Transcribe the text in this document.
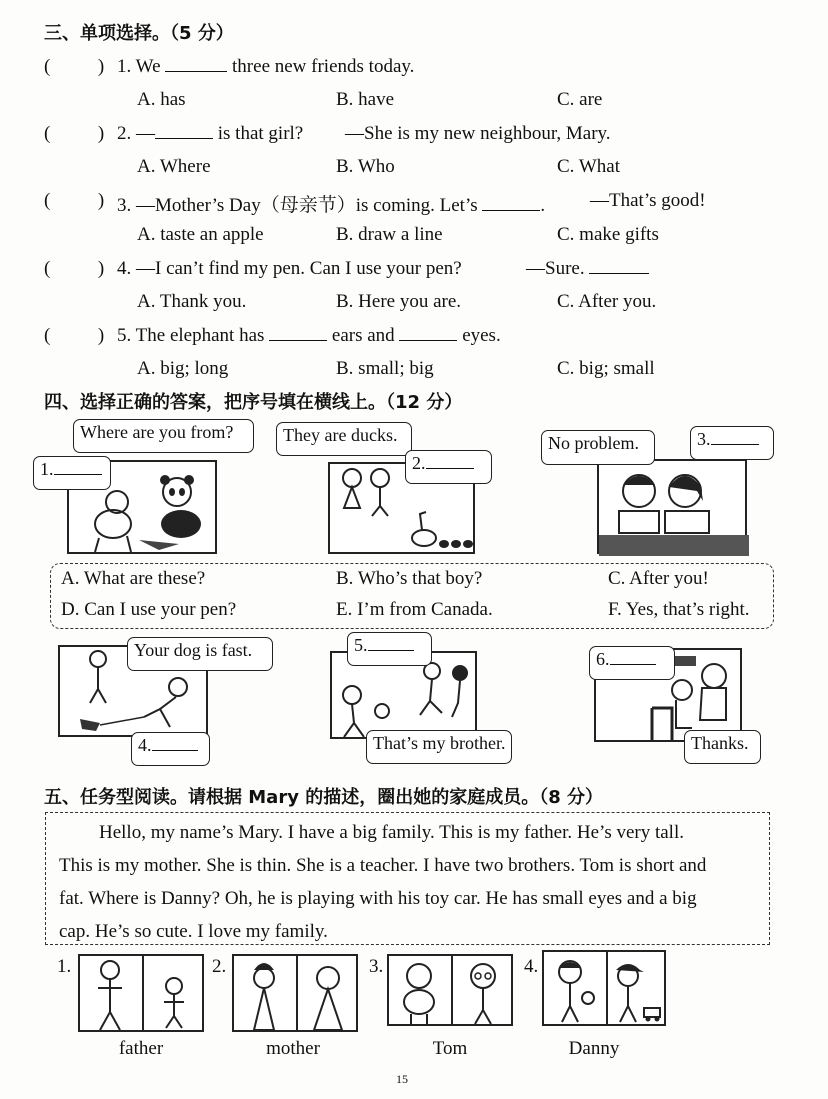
三、单项选择。（5 分）
(          ) 1. We	three new friends today.
A. has	B. have	C. are
(          ) 2. —	is that girl? —She is my new neighbour, Mary.
A. Where	B. Who	C. What
(          ) 3. —Mother’s Day（母亲节）is coming. Let’s	. —That’s good!
A. taste an apple	B. draw a line	C. make gifts
(          ) 4. —I can’t find my pen. Can I use your pen?	—Sure.
A. Thank you.	B. Here you are.	C. After you.
(          ) 5. The elephant has	ears and	eyes.
A. big; long	B. small; big	C. big; small
四、选择正确的答案，把序号填在横线上。（12 分）
Where are you from?
1.
They are ducks.
2.
No problem.	3.
A. What are these?	B. Who’s that boy?	C. After you!
D. Can I use your pen?	E. I’m from Canada.	F. Yes, that’s right.
Your dog is fast.
4.
5.
That’s my brother.
6.
Thanks.
五、任务型阅读。请根据 Mary 的描述，圈出她的家庭成员。（8 分）
Hello, my name’s Mary. I have a big family. This is my father. He’s very tall.
This is my mother. She is thin. She is a teacher. I have two brothers. Tom is short and
fat. Where is Danny? Oh, he is playing with his toy car. He has small eyes and a big
cap. He’s so cute. I love my family.
1.
father
2.
mother
3.
Tom
4.
Danny
15
